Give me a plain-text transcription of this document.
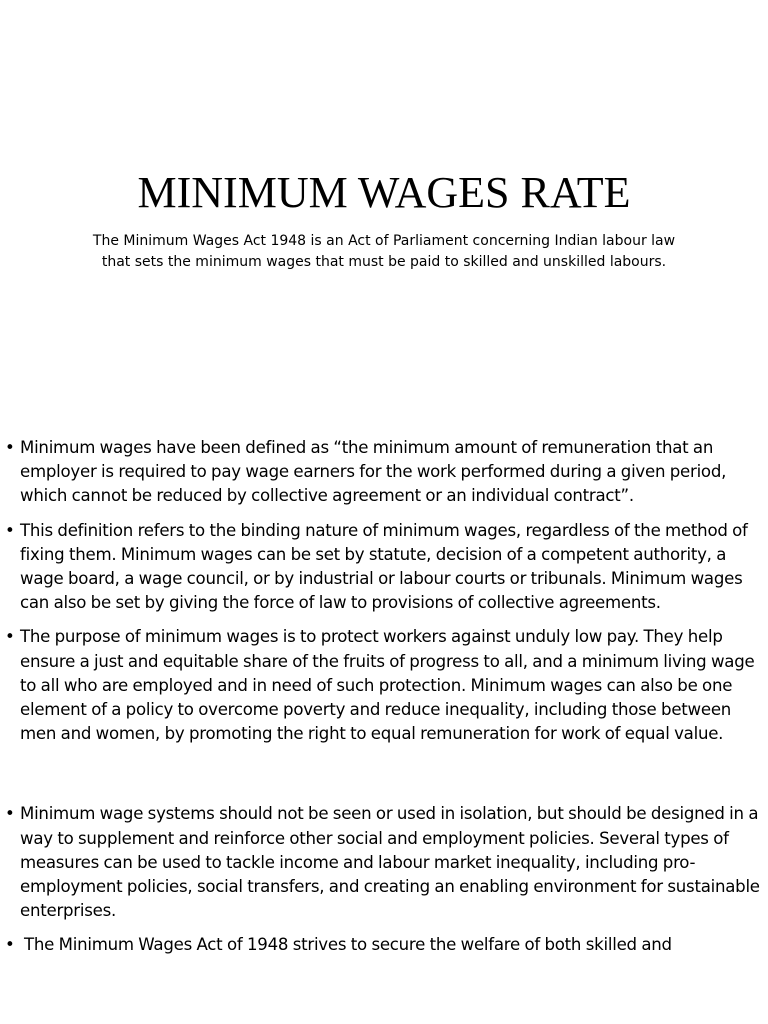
MINIMUM WAGES RATE

The Minimum Wages Act 1948 is an Act of Parliament concerning Indian labour law that sets the minimum wages that must be paid to skilled and unskilled labours.

• Minimum wages have been defined as “the minimum amount of remuneration that an employer is required to pay wage earners for the work performed during a given period, which cannot be reduced by collective agreement or an individual contract”.
• This definition refers to the binding nature of minimum wages, regardless of the method of fixing them. Minimum wages can be set by statute, decision of a competent authority, a wage board, a wage council, or by industrial or labour courts or tribunals. Minimum wages can also be set by giving the force of law to provisions of collective agreements.
• The purpose of minimum wages is to protect workers against unduly low pay. They help ensure a just and equitable share of the fruits of progress to all, and a minimum living wage to all who are employed and in need of such protection. Minimum wages can also be one element of a policy to overcome poverty and reduce inequality, including those between men and women, by promoting the right to equal remuneration for work of equal value.
• Minimum wage systems should not be seen or used in isolation, but should be designed in a way to supplement and reinforce other social and employment policies. Several types of measures can be used to tackle income and labour market inequality, including pro-employment policies, social transfers, and creating an enabling environment for sustainable enterprises.
• The Minimum Wages Act of 1948 strives to secure the welfare of both skilled and
